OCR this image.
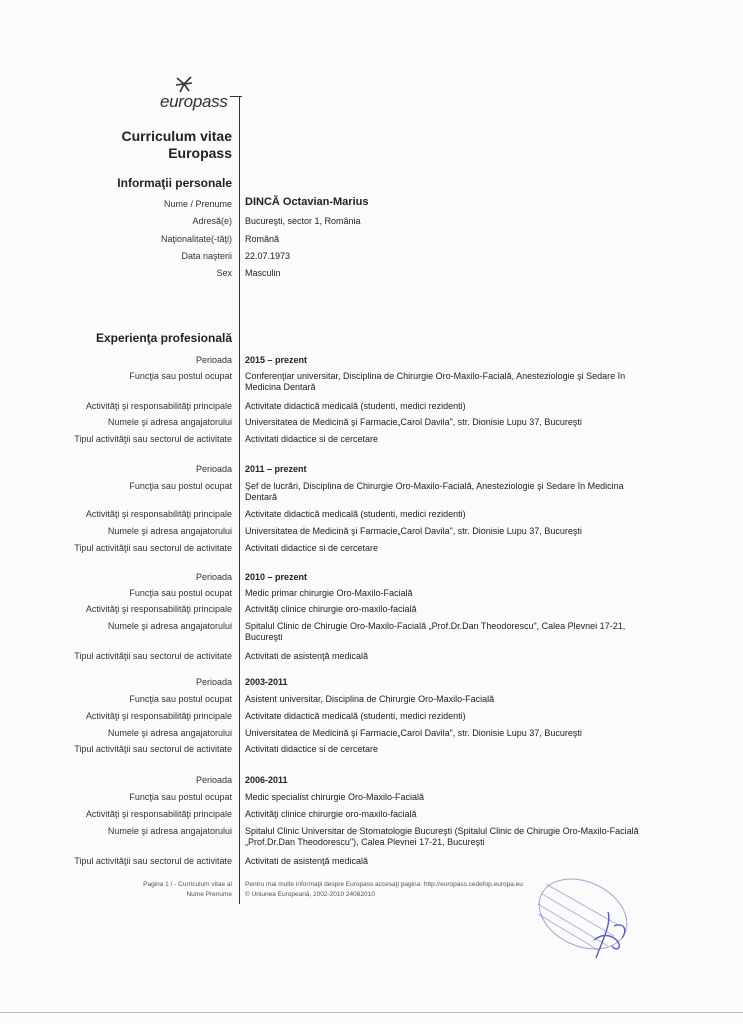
europass
Curriculum vitae
Europass
Informaţii personale
Nume / Prenume DINCĂ Octavian-Marius
Adresă(e) Bucureşti, sector 1, România
Naţionalitate(-tăţi) Română
Data naşterii 22.07.1973
Sex Masculin
Experienţa profesională
Perioada 2015 – prezent
Funcţia sau postul ocupat Conferenţiar universitar, Disciplina de Chirurgie Oro-Maxilo-Facială, Anesteziologie şi Sedare în Medicina Dentară
Activităţi şi responsabilităţi principale Activitate didactică medicală (studenti, medici rezidenti)
Numele şi adresa angajatorului Universitatea de Medicină şi Farmacie„Carol Davila", str. Dionisie Lupu 37, Bucureşti
Tipul activităţii sau sectorul de activitate Activitati didactice si de cercetare
Perioada 2011 – prezent
Funcţia sau postul ocupat Şef de lucrări, Disciplina de Chirurgie Oro-Maxilo-Facială, Anesteziologie şi Sedare în Medicina Dentară
Activităţi şi responsabilităţi principale Activitate didactică medicală (studenti, medici rezidenti)
Numele şi adresa angajatorului Universitatea de Medicină şi Farmacie„Carol Davila", str. Dionisie Lupu 37, Bucureşti
Tipul activităţii sau sectorul de activitate Activitati didactice si de cercetare
Perioada 2010 – prezent
Funcţia sau postul ocupat Medic primar chirurgie Oro-Maxilo-Facială
Activităţi şi responsabilităţi principale Activităţi clinice chirurgie oro-maxilo-facială
Numele şi adresa angajatorului Spitalul Clinic de Chirugie Oro-Maxilo-Facială „Prof.Dr.Dan Theodorescu", Calea Plevnei 17-21, Bucureşti
Tipul activităţii sau sectorul de activitate Activitati de asistenţă medicală
Perioada 2003-2011
Funcţia sau postul ocupat Asistent universitar, Disciplina de Chirurgie Oro-Maxilo-Facială
Activităţi şi responsabilităţi principale Activitate didactică medicală (studenti, medici rezidenti)
Numele şi adresa angajatorului Universitatea de Medicină şi Farmacie„Carol Davila", str. Dionisie Lupu 37, Bucureşti
Tipul activităţii sau sectorul de activitate Activitati didactice si de cercetare
Perioada 2006-2011
Funcţia sau postul ocupat Medic specialist chirurgie Oro-Maxilo-Facială
Activităţi şi responsabilităţi principale Activităţi clinice chirurgie oro-maxilo-facială
Numele şi adresa angajatorului Spitalul Clinic Universitar de Stomatologie Bucureşti (Spitalul Clinic de Chirugie Oro-Maxilo-Facială „Prof.Dr.Dan Theodorescu"), Calea Plevnei 17-21, Bucureşti
Tipul activităţii sau sectorul de activitate Activitati de asistenţă medicală
Pagina 1 / - Curriculum vitae al
Nume Prenume
Pentru mai multe informaţii despre Europass accesaţi pagina: http://europass.cedefop.europa.eu
© Uniunea Europeană, 2002-2010 24082010
